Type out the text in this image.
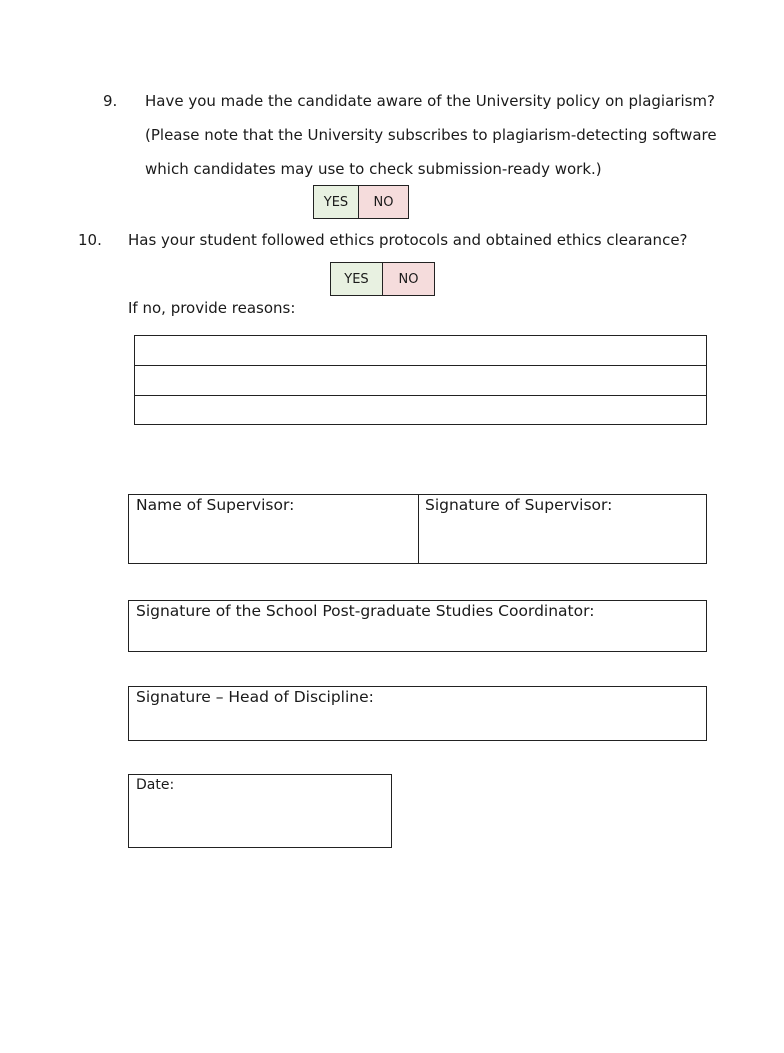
9. Have you made the candidate aware of the University policy on plagiarism?
(Please note that the University subscribes to plagiarism-detecting software
which candidates may use to check submission-ready work.)
YES	NO
10. Has your student followed ethics protocols and obtained ethics clearance?
YES	NO
If no, provide reasons:
Name of Supervisor:	Signature of Supervisor:
Signature of the School Post-graduate Studies Coordinator:
Signature – Head of Discipline:
Date:
